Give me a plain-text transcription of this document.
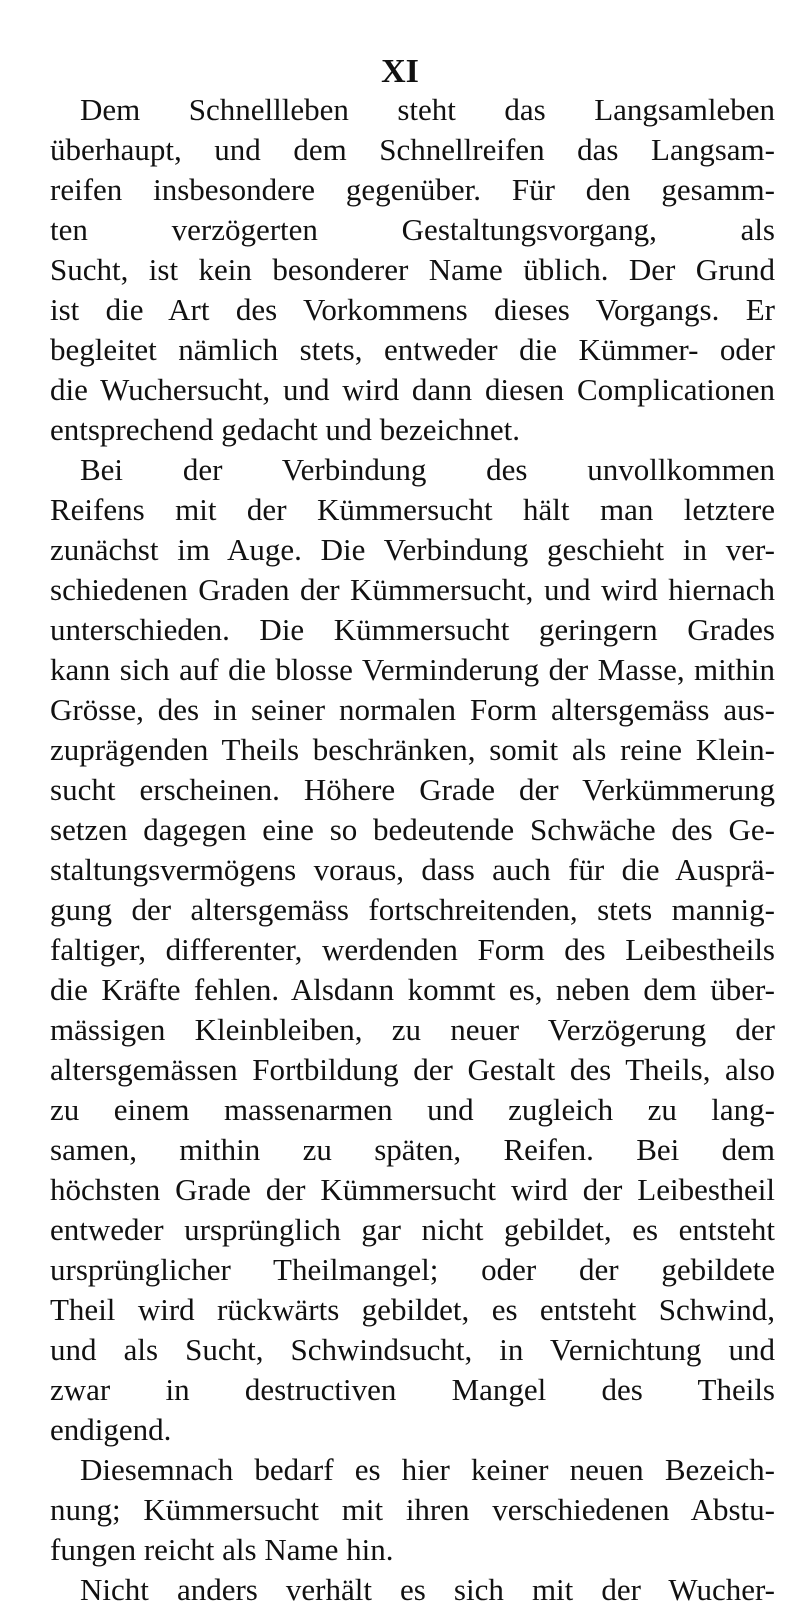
XI
Dem Schnellleben steht das Langsamleben
überhaupt, und dem Schnellreifen das Langsam-
reifen insbesondere gegenüber. Für den gesamm-
ten verzögerten Gestaltungsvorgang, als
Sucht, ist kein besonderer Name üblich. Der Grund
ist die Art des Vorkommens dieses Vorgangs. Er
begleitet nämlich stets, entweder die Kümmer- oder
die Wuchersucht, und wird dann diesen Complicationen
entsprechend gedacht und bezeichnet.
Bei der Verbindung des unvollkommen
Reifens mit der Kümmersucht hält man letztere
zunächst im Auge. Die Verbindung geschieht in ver-
schiedenen Graden der Kümmersucht, und wird hiernach
unterschieden. Die Kümmersucht geringern Grades
kann sich auf die blosse Verminderung der Masse, mithin
Grösse, des in seiner normalen Form altersgemäss aus-
zuprägenden Theils beschränken, somit als reine Klein-
sucht erscheinen. Höhere Grade der Verkümmerung
setzen dagegen eine so bedeutende Schwäche des Ge-
staltungsvermögens voraus, dass auch für die Ausprä-
gung der altersgemäss fortschreitenden, stets mannig-
faltiger, differenter, werdenden Form des Leibestheils
die Kräfte fehlen. Alsdann kommt es, neben dem über-
mässigen Kleinbleiben, zu neuer Verzögerung der
altersgemässen Fortbildung der Gestalt des Theils, also
zu einem massenarmen und zugleich zu lang-
samen, mithin zu späten, Reifen. Bei dem
höchsten Grade der Kümmersucht wird der Leibestheil
entweder ursprünglich gar nicht gebildet, es entsteht
ursprünglicher Theilmangel; oder der gebildete
Theil wird rückwärts gebildet, es entsteht Schwind,
und als Sucht, Schwindsucht, in Vernichtung und
zwar in destructiven Mangel des Theils
endigend.
Diesemnach bedarf es hier keiner neuen Bezeich-
nung; Kümmersucht mit ihren verschiedenen Abstu-
fungen reicht als Name hin.
Nicht anders verhält es sich mit der Wucher-
